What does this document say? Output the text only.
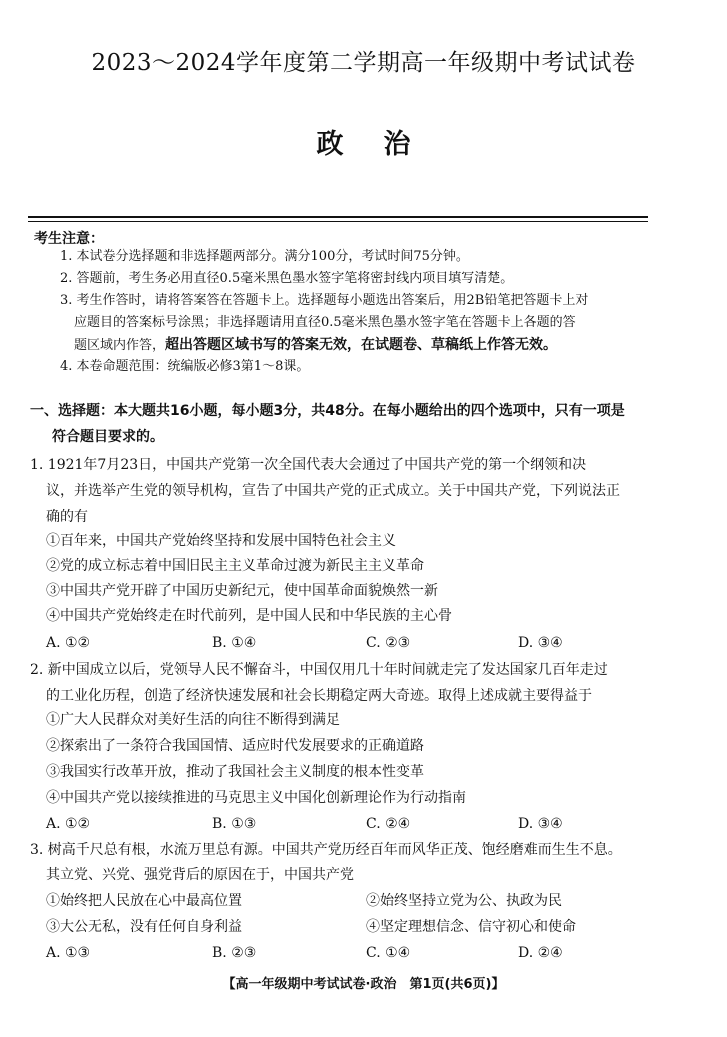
2023～2024学年度第二学期高一年级期中考试试卷
政治
考生注意：
1. 本试卷分选择题和非选择题两部分。满分100分，考试时间75分钟。
2. 答题前，考生务必用直径0.5毫米黑色墨水签字笔将密封线内项目填写清楚。
3. 考生作答时，请将答案答在答题卡上。选择题每小题选出答案后，用2B铅笔把答题卡上对
应题目的答案标号涂黑；非选择题请用直径0.5毫米黑色墨水签字笔在答题卡上各题的答
题区域内作答，超出答题区域书写的答案无效，在试题卷、草稿纸上作答无效。
4. 本卷命题范围：统编版必修3第1～8课。
一、选择题：本大题共16小题，每小题3分，共48分。在每小题给出的四个选项中，只有一项是
符合题目要求的。
1. 1921年7月23日，中国共产党第一次全国代表大会通过了中国共产党的第一个纲领和决
议，并选举产生党的领导机构，宣告了中国共产党的正式成立。关于中国共产党，下列说法正
确的有
①百年来，中国共产党始终坚持和发展中国特色社会主义
②党的成立标志着中国旧民主主义革命过渡为新民主主义革命
③中国共产党开辟了中国历史新纪元，使中国革命面貌焕然一新
④中国共产党始终走在时代前列，是中国人民和中华民族的主心骨
A. ①②	B. ①④	C. ②③	D. ③④
2. 新中国成立以后，党领导人民不懈奋斗，中国仅用几十年时间就走完了发达国家几百年走过
的工业化历程，创造了经济快速发展和社会长期稳定两大奇迹。取得上述成就主要得益于
①广大人民群众对美好生活的向往不断得到满足
②探索出了一条符合我国国情、适应时代发展要求的正确道路
③我国实行改革开放，推动了我国社会主义制度的根本性变革
④中国共产党以接续推进的马克思主义中国化创新理论作为行动指南
A. ①②	B. ①③	C. ②④	D. ③④
3. 树高千尺总有根，水流万里总有源。中国共产党历经百年而风华正茂、饱经磨难而生生不息。
其立党、兴党、强党背后的原因在于，中国共产党
①始终把人民放在心中最高位置	②始终坚持立党为公、执政为民
③大公无私，没有任何自身利益	④坚定理想信念、信守初心和使命
A. ①③	B. ②③	C. ①④	D. ②④
【高一年级期中考试试卷·政治　第1页(共6页)】
